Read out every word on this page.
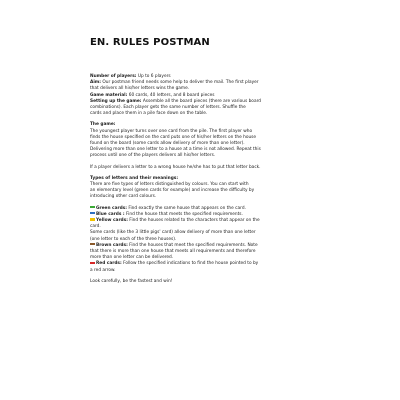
EN. RULES POSTMAN
Number of players: Up to 6 players
Aim: Our postman friend needs some help to deliver the mail. The first player
that delivers all his/her letters wins the game.
Game material: 60 cards, 40 letters, and 8 board pieces
Setting up the game: Assemble all the board pieces (there are various board
combinations). Each player gets the same number of letters. Shuffle the
cards and place them in a pile face down on the table.
The game:
The youngest player turns over one card from the pile. The first player who
finds the house specified on the card puts one of his/her letters on the house
found on the board (some cards allow delivery of more than one letter).
Delivering more than one letter to a house at a time is not allowed. Repeat this
process until one of the players delivers all his/her letters.
If a player delivers a letter to a wrong house he/she has to put that letter back.
Types of letters and their meanings:
There are five types of letters distinguished by colours. You can start with
an elementary level (green cards for example) and increase the difficulty by
introducing other card colours.
Green cards: Find exactly the same house that appears on the card.
Blue cards : Find the house that meets the specified requirements.
Yellow cards: Find the houses related to the characters that appear on the
card.
Some cards (like the 3 little pigs' card) allow delivery of more than one letter
(one letter to each of the three houses).
Brown cards: Find the houses that meet the specified requirements. Note
that there is more than one house that meets all requirements and therefore
more than one letter can be delivered.
Red cards: Follow the specified indications to find the house pointed to by
a red arrow.
Look carefully, be the fastest and win!
